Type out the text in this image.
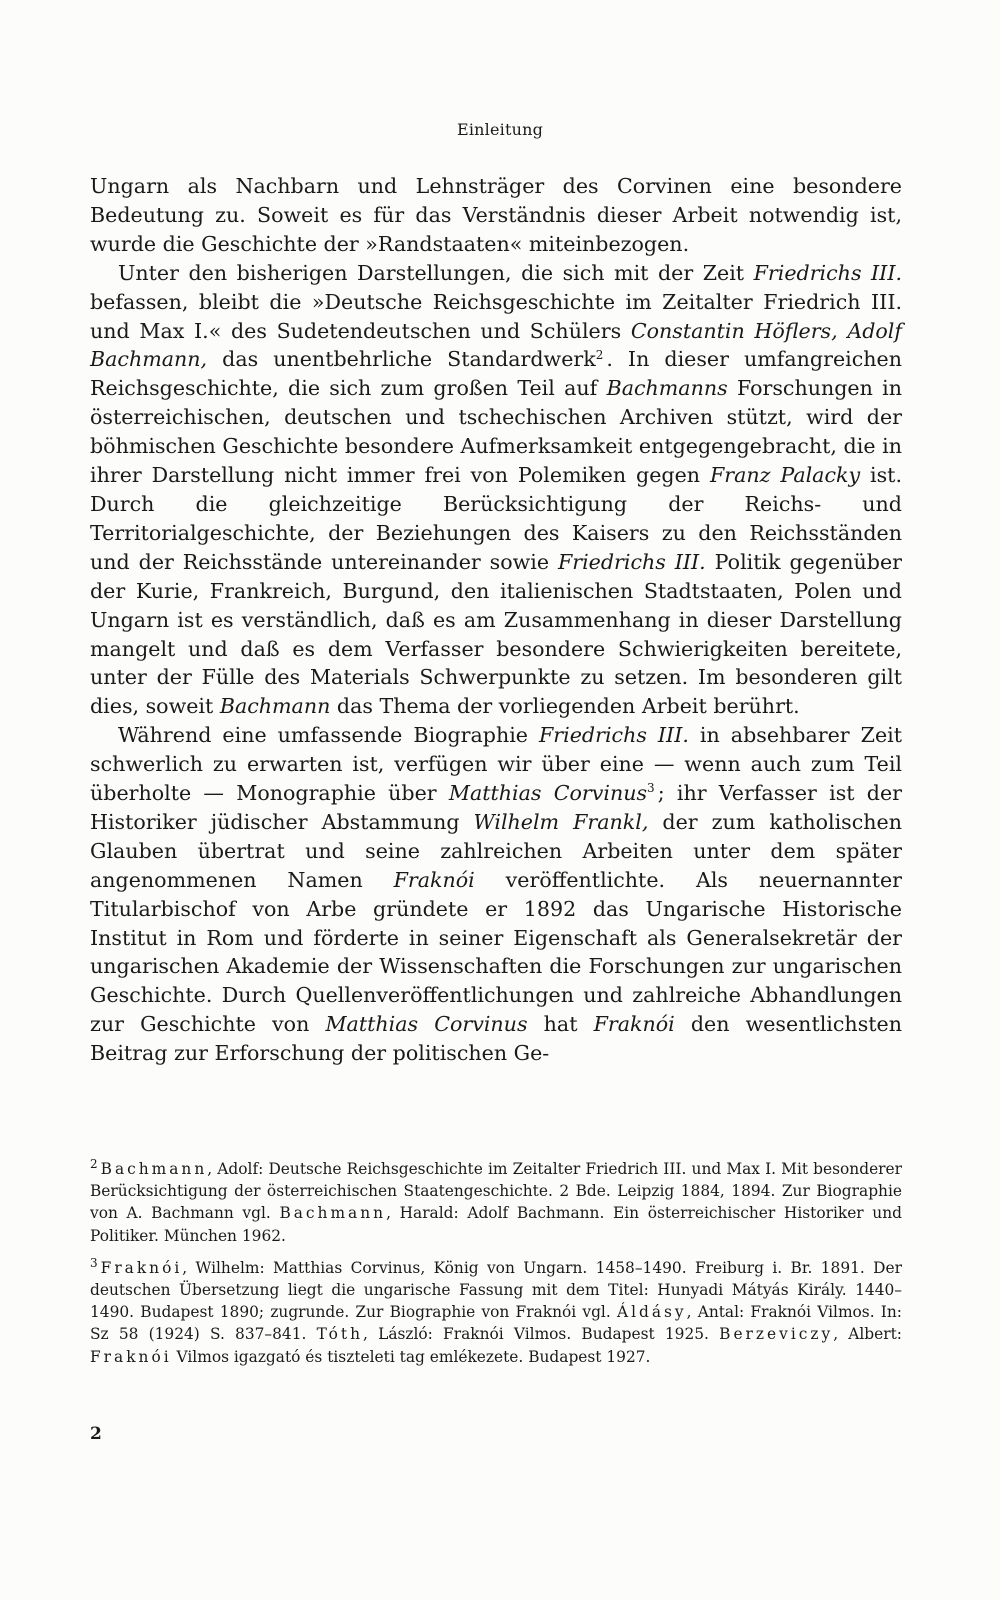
Einleitung

Ungarn als Nachbarn und Lehnsträger des Corvinen eine besondere Bedeutung zu. Soweit es für das Verständnis dieser Arbeit notwendig ist, wurde die Geschichte der »Randstaaten« miteinbezogen.

Unter den bisherigen Darstellungen, die sich mit der Zeit Friedrichs III. befassen, bleibt die »Deutsche Reichsgeschichte im Zeitalter Friedrich III. und Max I.« des Sudetendeutschen und Schülers Constantin Höflers, Adolf Bachmann, das unentbehrliche Standardwerk$^2$ . In dieser umfangreichen Reichsgeschichte, die sich zum großen Teil auf Bachmanns Forschungen in österreichischen, deutschen und tschechischen Archiven stützt, wird der böhmischen Geschichte besondere Aufmerksamkeit entgegengebracht, die in ihrer Darstellung nicht immer frei von Polemiken gegen Franz Palacky ist. Durch die gleichzeitige Berücksichtigung der Reichs- und Territorialgeschichte, der Beziehungen des Kaisers zu den Reichsständen und der Reichsstände untereinander sowie Friedrichs III. Politik gegenüber der Kurie, Frankreich, Burgund, den italienischen Stadtstaaten, Polen und Ungarn ist es verständlich, daß es am Zusammenhang in dieser Darstellung mangelt und daß es dem Verfasser besondere Schwierigkeiten bereitete, unter der Fülle des Materials Schwerpunkte zu setzen. Im besonderen gilt dies, soweit Bachmann das Thema der vorliegenden Arbeit berührt.

Während eine umfassende Biographie Friedrichs III. in absehbarer Zeit schwerlich zu erwarten ist, verfügen wir über eine — wenn auch zum Teil überholte — Monographie über Matthias Corvinus$^3$ ; ihr Verfasser ist der Historiker jüdischer Abstammung Wilhelm Frankl, der zum katholischen Glauben übertrat und seine zahlreichen Arbeiten unter dem später angenommenen Namen Fraknói veröffentlichte. Als neuernannter Titularbischof von Arbe gründete er 1892 das Ungarische Historische Institut in Rom und förderte in seiner Eigenschaft als Generalsekretär der ungarischen Akademie der Wissenschaften die Forschungen zur ungarischen Geschichte. Durch Quellenveröffentlichungen und zahlreiche Abhandlungen zur Geschichte von Matthias Corvinus hat Fraknói den wesentlichsten Beitrag zur Erforschung der politischen Ge-

$^2$ Bachmann, Adolf: Deutsche Reichsgeschichte im Zeitalter Friedrich III. und Max I. Mit besonderer Berücksichtigung der österreichischen Staatengeschichte. 2 Bde. Leipzig 1884, 1894. Zur Biographie von A. Bachmann vgl. Bachmann, Harald: Adolf Bachmann. Ein österreichischer Historiker und Politiker. München 1962.

$^3$ Fraknói, Wilhelm: Matthias Corvinus, König von Ungarn. 1458–1490. Freiburg i. Br. 1891. Der deutschen Übersetzung liegt die ungarische Fassung mit dem Titel: Hunyadi Mátyás Király. 1440–1490. Budapest 1890; zugrunde. Zur Biographie von Fraknói vgl. Áldásy, Antal: Fraknói Vilmos. In: Sz 58 (1924) S. 837–841. Tóth, László: Fraknói Vilmos. Budapest 1925. Berzeviczy, Albert: Fraknói Vilmos igazgató és tiszteleti tag emlékezete. Budapest 1927.

2
